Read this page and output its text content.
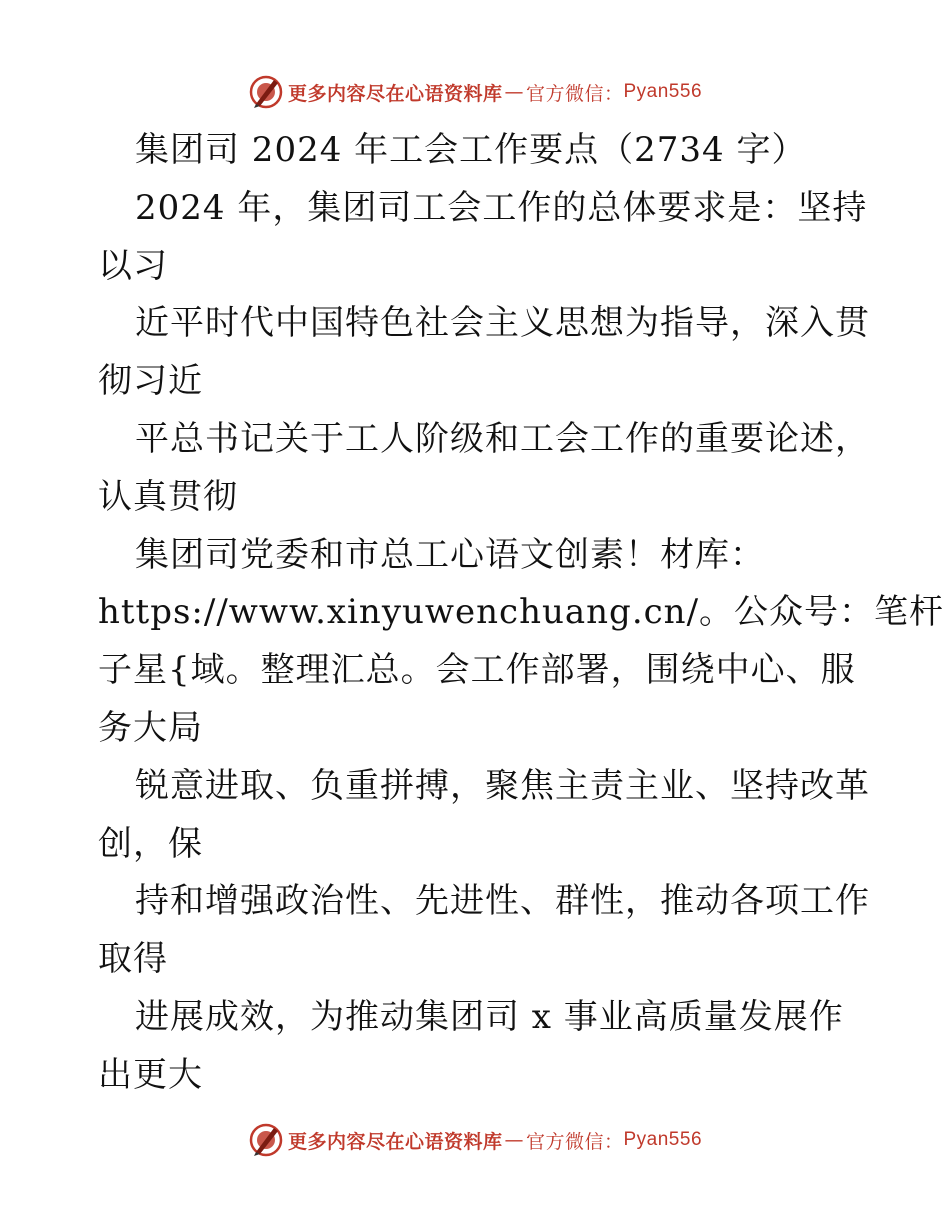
更多内容尽在心语资料库 — 官方微信： Pyan556
集团司 2024 年工会工作要点（2734 字）
2024 年，集团司工会工作的总体要求是：坚持
以习
近平时代中国特色社会主义思想为指导，深入贯
彻习近
平总书记关于工人阶级和工会工作的重要论述，
认真贯彻
集团司党委和市总工心语文创素！材库：
https://www.xinyuwenchuang.cn/。公众号：笔杆
子星{域。整理汇总。会工作部署，围绕中心、服
务大局
锐意进取、负重拼搏，聚焦主责主业、坚持改革
创，保
持和增强政治性、先进性、群性，推动各项工作
取得
进展成效，为推动集团司 x 事业高质量发展作
出更大
更多内容尽在心语资料库 — 官方微信： Pyan556
